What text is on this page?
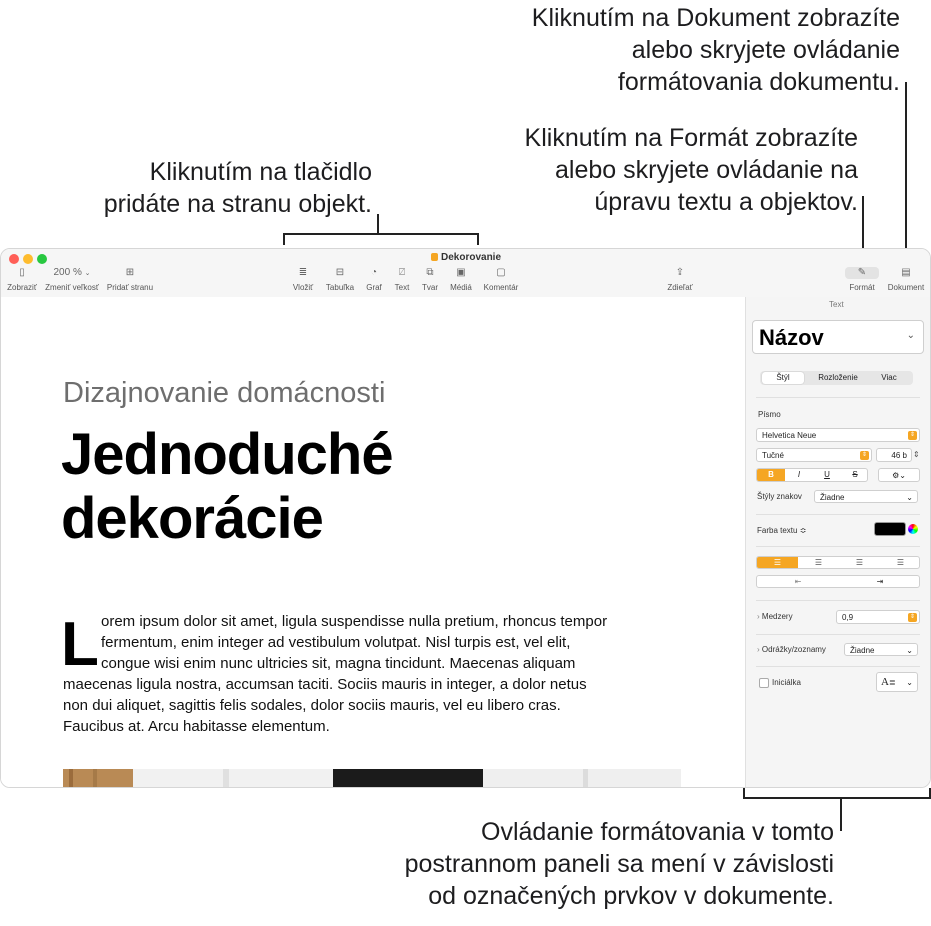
Kliknutím na Dokument zobrazíte
alebo skryjete ovládanie
formátovania dokumentu.
Kliknutím na Formát zobrazíte
alebo skryjete ovládanie na
úpravu textu a objektov.
Kliknutím na tlačidlo
pridáte na stranu objekt.
Ovládanie formátovania v tomto
postrannom paneli sa mení v závislosti
od označených prvkov v dokumente.
Dekorovanie
▯
Zobraziť
200 % ⌄
Zmeniť veľkosť
⊞
Pridať stranu
≣
Vložiť
⊟
Tabuľka
◔
Graf
⍁
Text
⧉
Tvar
▣
Médiá
▢
Komentár
⇪
Zdieľať
✎
Formát
▤
Dokument
Dizajnovanie domácnosti
Jednoduché
dekorácie
L orem ipsum dolor sit amet, ligula suspendisse nulla pretium, rhoncus tempor
fermentum, enim integer ad vestibulum volutpat. Nisl turpis est, vel elit,
congue wisi enim nunc ultricies sit, magna tincidunt. Maecenas aliquam
maecenas ligula nostra, accumsan taciti. Sociis mauris in integer, a dolor netus
non dui aliquet, sagittis felis sodales, dolor sociis mauris, vel eu libero cras.
Faucibus at. Arcu habitasse elementum.
Text
Názov	⌄
Štýl	Rozloženie	Viac
Písmo
Helvetica Neue	⇕
Tučné	⇕	46 b ⇕
B	I	U	S	⚙⌄
Štýly znakov	Žiadne	⌄
Farba textu ≎
☰	☰	☰	☰
⇤	⇥
› Medzery	0,9	⇕
› Odrážky/zoznamy	Žiadne	⌄
Iniciálka	A≣ ⌄
